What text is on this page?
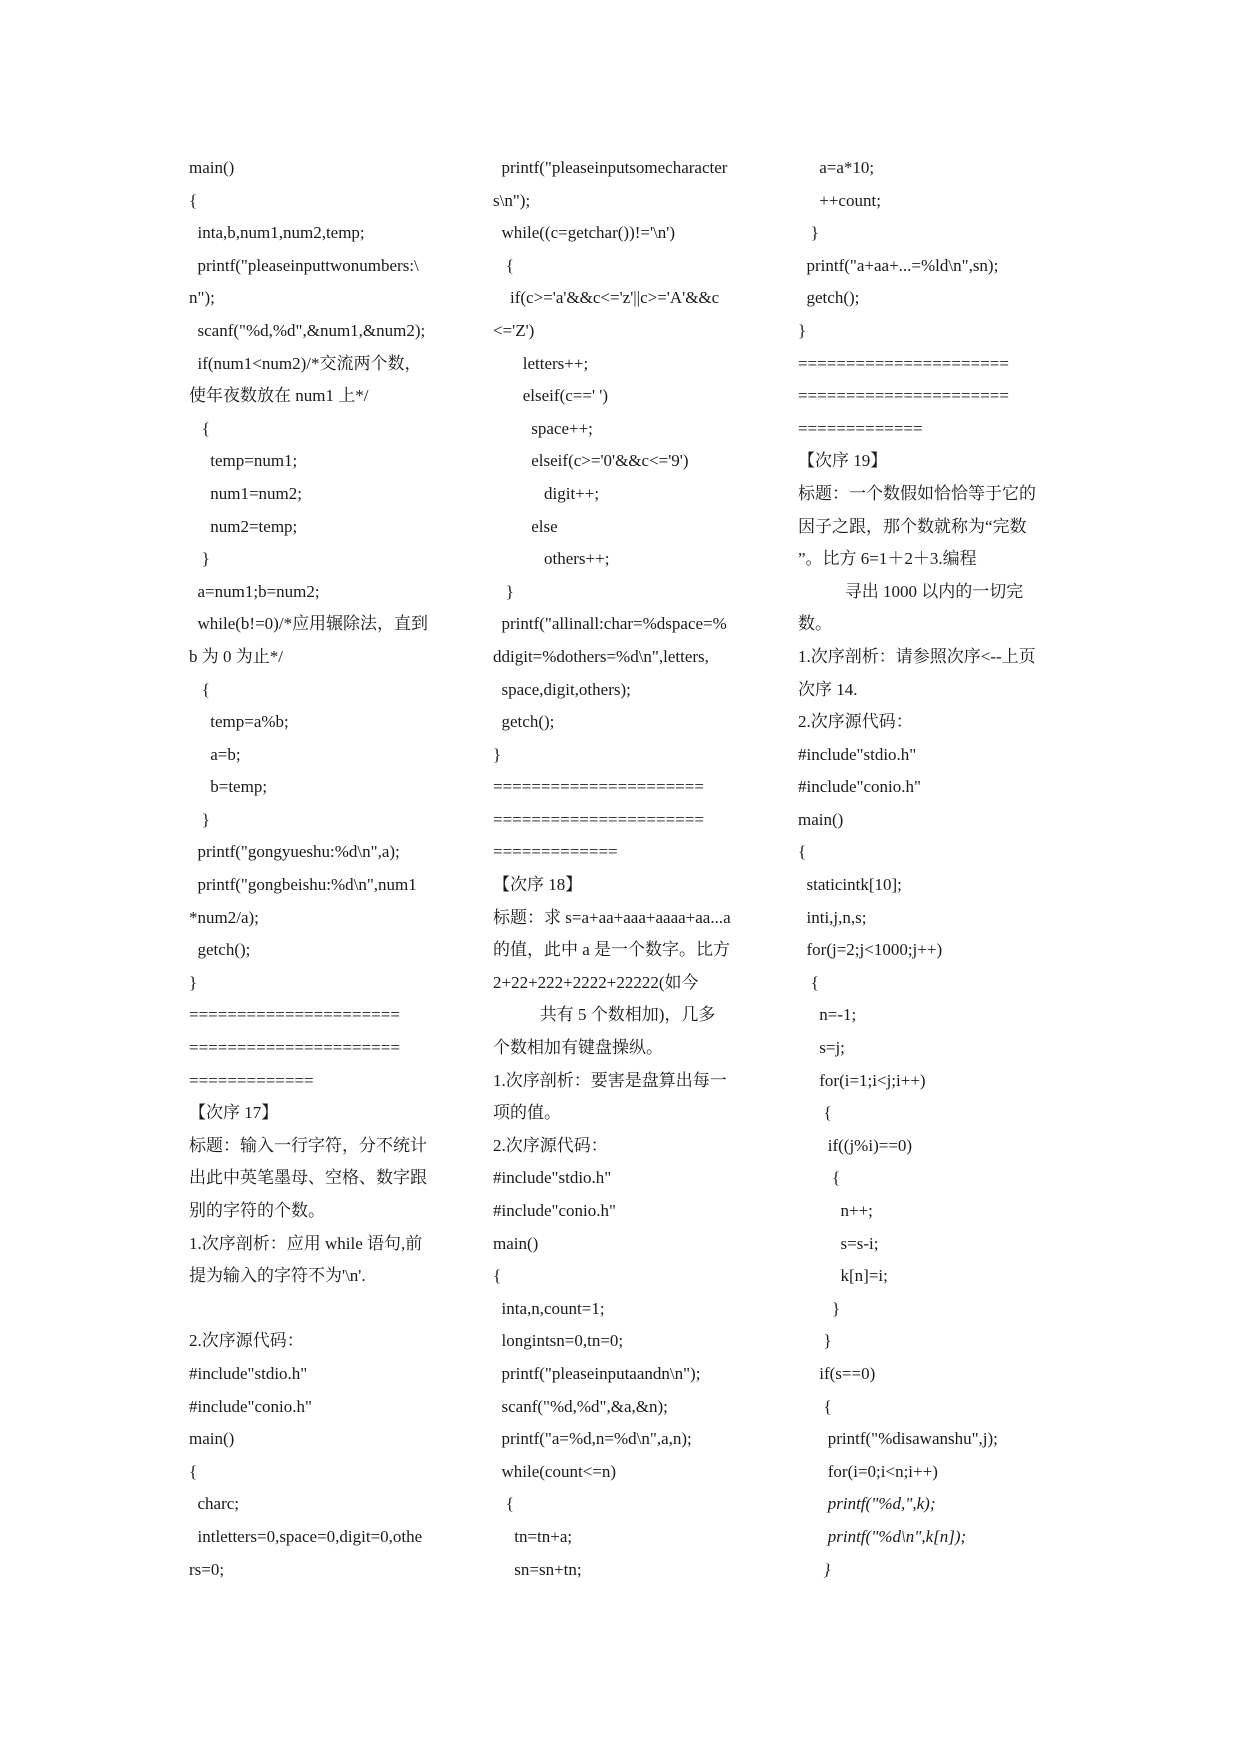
main()
{
inta,b,num1,num2,temp;
printf("pleaseinputtwonumbers:\
n");
scanf("%d,%d",&num1,&num2);
if(num1<num2)/*交流两个数，
使年夜数放在 num1 上*/
{
temp=num1;
num1=num2;
num2=temp;
}
a=num1;b=num2;
while(b!=0)/*应用辗除法，直到
b 为 0 为止*/
{
temp=a%b;
a=b;
b=temp;
}
printf("gongyueshu:%d\n",a);
printf("gongbeishu:%d\n",num1
*num2/a);
getch();
}
======================
======================
=============
【次序 17】
标题：输入一行字符，分不统计
出此中英笔墨母、空格、数字跟
别的字符的个数。
1.次序剖析：应用 while 语句,前
提为输入的字符不为'\n'.
2.次序源代码：
#include"stdio.h"
#include"conio.h"
main()
{
charc;
intletters=0,space=0,digit=0,othe
rs=0;
printf("pleaseinputsomecharacter
s\n");
while((c=getchar())!='\n')
{
if(c>='a'&&c<='z'||c>='A'&&c
<='Z')
letters++;
elseif(c==' ')
space++;
elseif(c>='0'&&c<='9')
digit++;
else
others++;
}
printf("allinall:char=%dspace=%
ddigit=%dothers=%d\n",letters,
space,digit,others);
getch();
}
======================
======================
=============
【次序 18】
标题：求 s=a+aa+aaa+aaaa+aa...a
的值，此中 a 是一个数字。比方
2+22+222+2222+22222(如今
共有 5 个数相加)，几多
个数相加有键盘操纵。
1.次序剖析：要害是盘算出每一
项的值。
2.次序源代码：
#include"stdio.h"
#include"conio.h"
main()
{
inta,n,count=1;
longintsn=0,tn=0;
printf("pleaseinputaandn\n");
scanf("%d,%d",&a,&n);
printf("a=%d,n=%d\n",a,n);
while(count<=n)
{
tn=tn+a;
sn=sn+tn;
a=a*10;
++count;
}
printf("a+aa+...=%ld\n",sn);
getch();
}
======================
======================
=============
【次序 19】
标题：一个数假如恰恰等于它的
因子之跟，那个数就称为“完数
”。比方 6=1＋2＋3.编程
寻出 1000 以内的一切完
数。
1.次序剖析：请参照次序<--上页
次序 14.
2.次序源代码：
#include"stdio.h"
#include"conio.h"
main()
{
staticintk[10];
inti,j,n,s;
for(j=2;j<1000;j++)
{
n=-1;
s=j;
for(i=1;i<j;i++)
{
if((j%i)==0)
{
n++;
s=s-i;
k[n]=i;
}
}
if(s==0)
{
printf("%disawanshu",j);
for(i=0;i<n;i++)
printf("%d,",k);
printf("%d\n",k[n]);
}
